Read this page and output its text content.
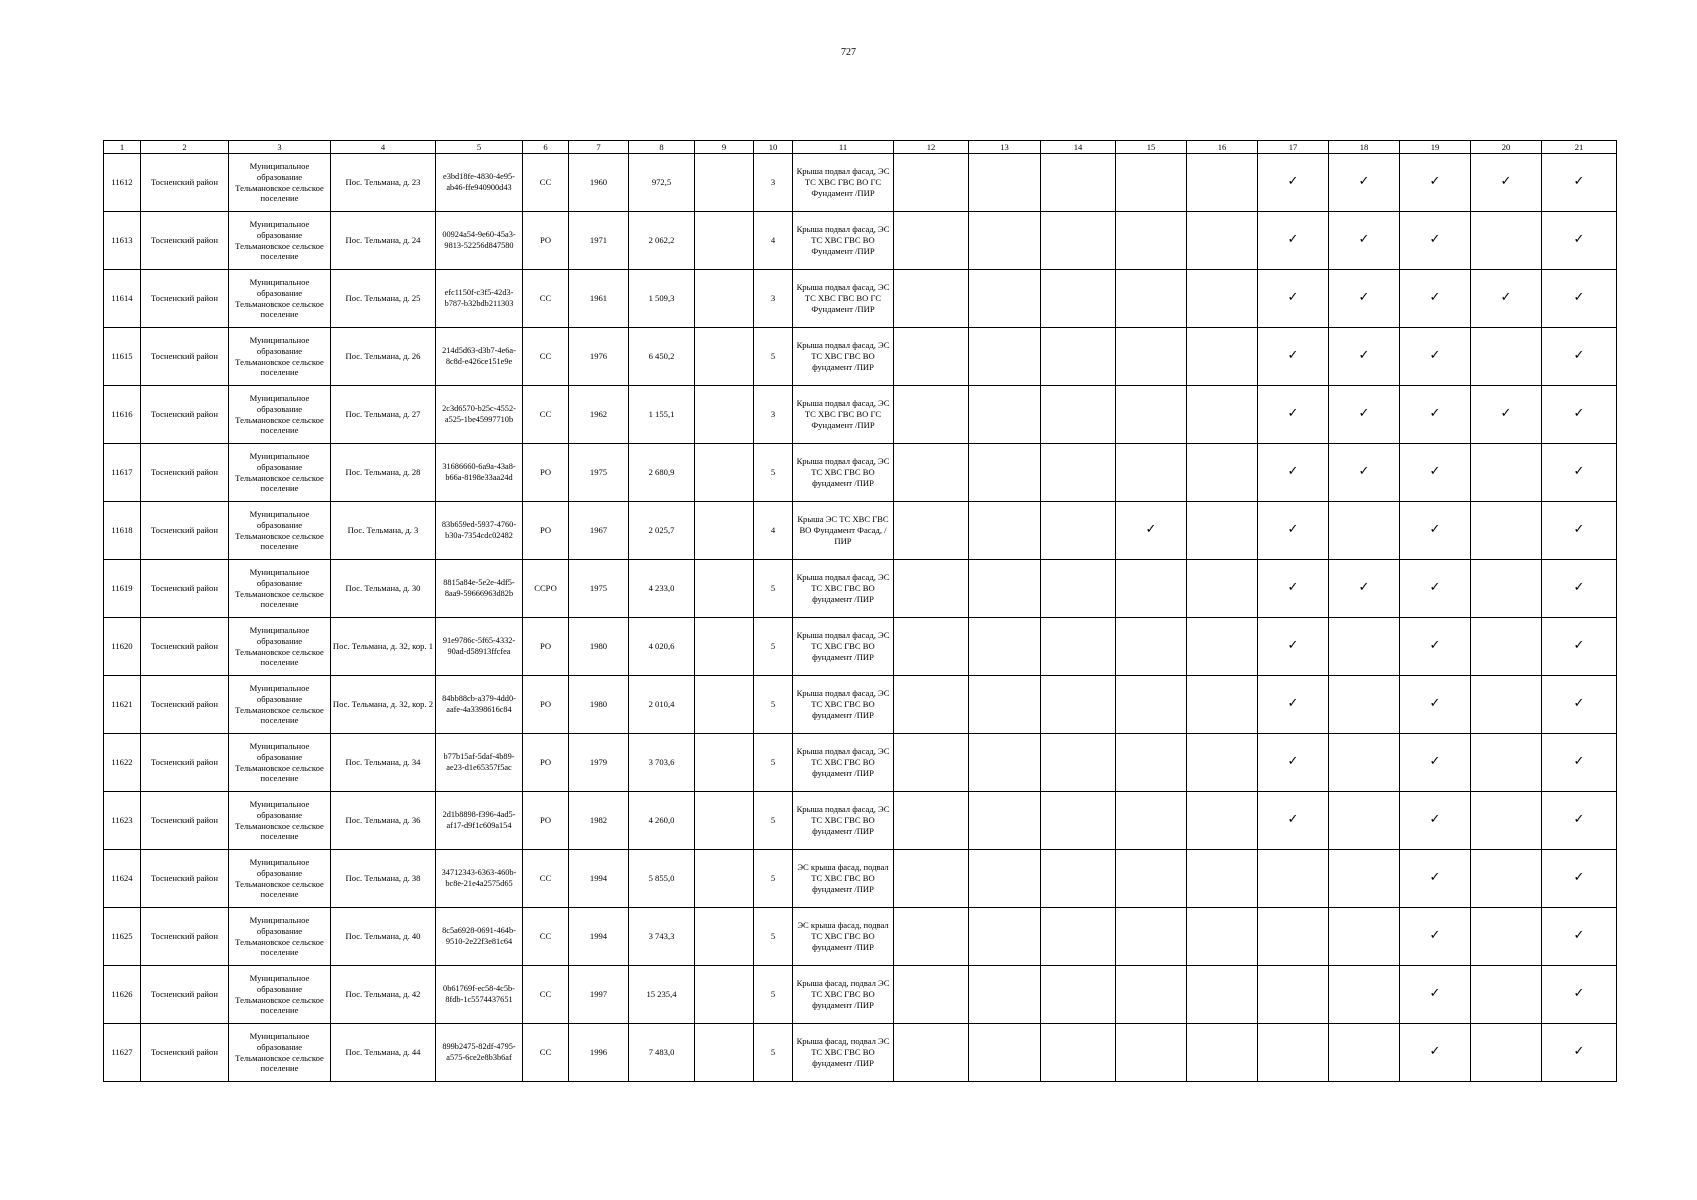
727
1	2	3	4	5	6	7	8	9	10	11	12	13	14	15	16	17	18	19	20	21
11612	Тосненский район	Муниципальное образование Тельмановское сельское поселение	Пос. Тельмана, д. 23	e3bd18fe-4830-4e95-ab46-ffe940900d43	СС	1960	972,5		3	Крыша подвал фасад, ЭС ТС ХВС ГВС ВО ГС Фундамент /ПИР						✓	✓	✓	✓	✓
11613	Тосненский район	Муниципальное образование Тельмановское сельское поселение	Пос. Тельмана, д. 24	00924a54-9e60-45a3-9813-52256d847580	РО	1971	2 062,2		4	Крыша подвал фасад, ЭС ТС ХВС ГВС ВО Фундамент /ПИР						✓	✓	✓		✓
11614	Тосненский район	Муниципальное образование Тельмановское сельское поселение	Пос. Тельмана, д. 25	efc1150f-c3f5-42d3-b787-b32bdb211303	СС	1961	1 509,3		3	Крыша подвал фасад, ЭС ТС ХВС ГВС ВО ГС Фундамент /ПИР						✓	✓	✓	✓	✓
11615	Тосненский район	Муниципальное образование Тельмановское сельское поселение	Пос. Тельмана, д. 26	214d5d63-d3b7-4e6a-8c8d-e426ce151e9e	СС	1976	6 450,2		5	Крыша подвал фасад, ЭС ТС ХВС ГВС ВО фундамент /ПИР						✓	✓	✓		✓
11616	Тосненский район	Муниципальное образование Тельмановское сельское поселение	Пос. Тельмана, д. 27	2c3d6570-b25c-4552-a525-1be45997710b	СС	1962	1 155,1		3	Крыша подвал фасад, ЭС ТС ХВС ГВС ВО ГС Фундамент /ПИР						✓	✓	✓	✓	✓
11617	Тосненский район	Муниципальное образование Тельмановское сельское поселение	Пос. Тельмана, д. 28	31686660-6a9a-43a8-b66a-8198e33aa24d	РО	1975	2 680,9		5	Крыша подвал фасад, ЭС ТС ХВС ГВС ВО фундамент /ПИР						✓	✓	✓		✓
11618	Тосненский район	Муниципальное образование Тельмановское сельское поселение	Пос. Тельмана, д. 3	83b659ed-5937-4760-b30a-7354cdc02482	РО	1967	2 025,7		4	Крыша ЭС ТС ХВС ГВС ВО Фундамент Фасад, /ПИР				✓		✓		✓		✓
11619	Тосненский район	Муниципальное образование Тельмановское сельское поселение	Пос. Тельмана, д. 30	8815a84e-5e2e-4df5-8aa9-59666963d82b	ССРО	1975	4 233,0		5	Крыша подвал фасад, ЭС ТС ХВС ГВС ВО фундамент /ПИР						✓	✓	✓		✓
11620	Тосненский район	Муниципальное образование Тельмановское сельское поселение	Пос. Тельмана, д. 32, кор. 1	91e9786c-5f65-4332-90ad-d58913ffcfea	РО	1980	4 020,6		5	Крыша подвал фасад, ЭС ТС ХВС ГВС ВО фундамент /ПИР						✓		✓		✓
11621	Тосненский район	Муниципальное образование Тельмановское сельское поселение	Пос. Тельмана, д. 32, кор. 2	84bb88cb-a379-4dd0-aafe-4a3398616c84	РО	1980	2 010,4		5	Крыша подвал фасад, ЭС ТС ХВС ГВС ВО фундамент /ПИР						✓		✓		✓
11622	Тосненский район	Муниципальное образование Тельмановское сельское поселение	Пос. Тельмана, д. 34	b77b15af-5daf-4b89-ae23-d1e65357f5ac	РО	1979	3 703,6		5	Крыша подвал фасад, ЭС ТС ХВС ГВС ВО фундамент /ПИР						✓		✓		✓
11623	Тосненский район	Муниципальное образование Тельмановское сельское поселение	Пос. Тельмана, д. 36	2d1b8898-f396-4ad5-af17-d9f1c609a154	РО	1982	4 260,0		5	Крыша подвал фасад, ЭС ТС ХВС ГВС ВО фундамент /ПИР						✓		✓		✓
11624	Тосненский район	Муниципальное образование Тельмановское сельское поселение	Пос. Тельмана, д. 38	34712343-6363-460b-bc8e-21e4a2575d65	СС	1994	5 855,0		5	ЭС крыша фасад, подвал ТС ХВС ГВС ВО фундамент /ПИР								✓		✓
11625	Тосненский район	Муниципальное образование Тельмановское сельское поселение	Пос. Тельмана, д. 40	8c5a6928-0691-464b-9510-2e22f3e81c64	СС	1994	3 743,3		5	ЭС крыша фасад, подвал ТС ХВС ГВС ВО фундамент /ПИР								✓		✓
11626	Тосненский район	Муниципальное образование Тельмановское сельское поселение	Пос. Тельмана, д. 42	0b61769f-ec58-4c5b-8fdb-1c5574437651	СС	1997	15 235,4		5	Крыша фасад, подвал ЭС ТС ХВС ГВС ВО фундамент /ПИР								✓		✓
11627	Тосненский район	Муниципальное образование Тельмановское сельское поселение	Пос. Тельмана, д. 44	899b2475-82df-4795-a575-6ce2e8b3b6af	СС	1996	7 483,0		5	Крыша фасад, подвал ЭС ТС ХВС ГВС ВО фундамент /ПИР								✓		✓
